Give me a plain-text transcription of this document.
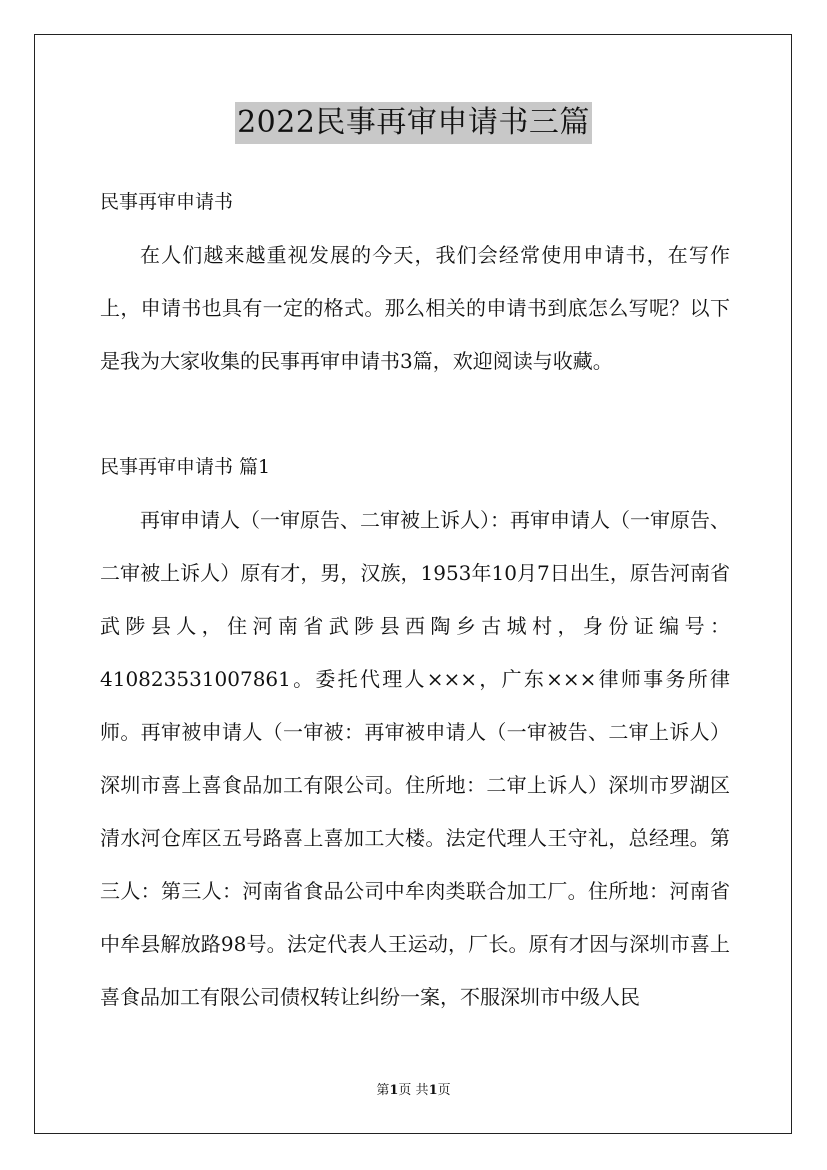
2022民事再审申请书三篇

民事再审申请书

在人们越来越重视发展的今天，我们会经常使用申请书，在写作上，申请书也具有一定的格式。那么相关的申请书到底怎么写呢？以下是我为大家收集的民事再审申请书3篇，欢迎阅读与收藏。

民事再审申请书 篇1

再审申请人（一审原告、二审被上诉人）：再审申请人（一审原告、二审被上诉人）原有才，男，汉族，1953年10月7日出生，原告河南省武陟县人，住河南省武陟县西陶乡古城村，身份证编号：410823531007861。委托代理人×××，广东×××律师事务所律师。再审被申请人（一审被：再审被申请人（一审被告、二审上诉人）深圳市喜上喜食品加工有限公司。住所地：二审上诉人）深圳市罗湖区清水河仓库区五号路喜上喜加工大楼。法定代理人王守礼，总经理。第三人：第三人：河南省食品公司中牟肉类联合加工厂。住所地：河南省中牟县解放路98号。法定代表人王运动，厂长。原有才因与深圳市喜上喜食品加工有限公司债权转让纠纷一案，不服深圳市中级人民

第1页 共1页
